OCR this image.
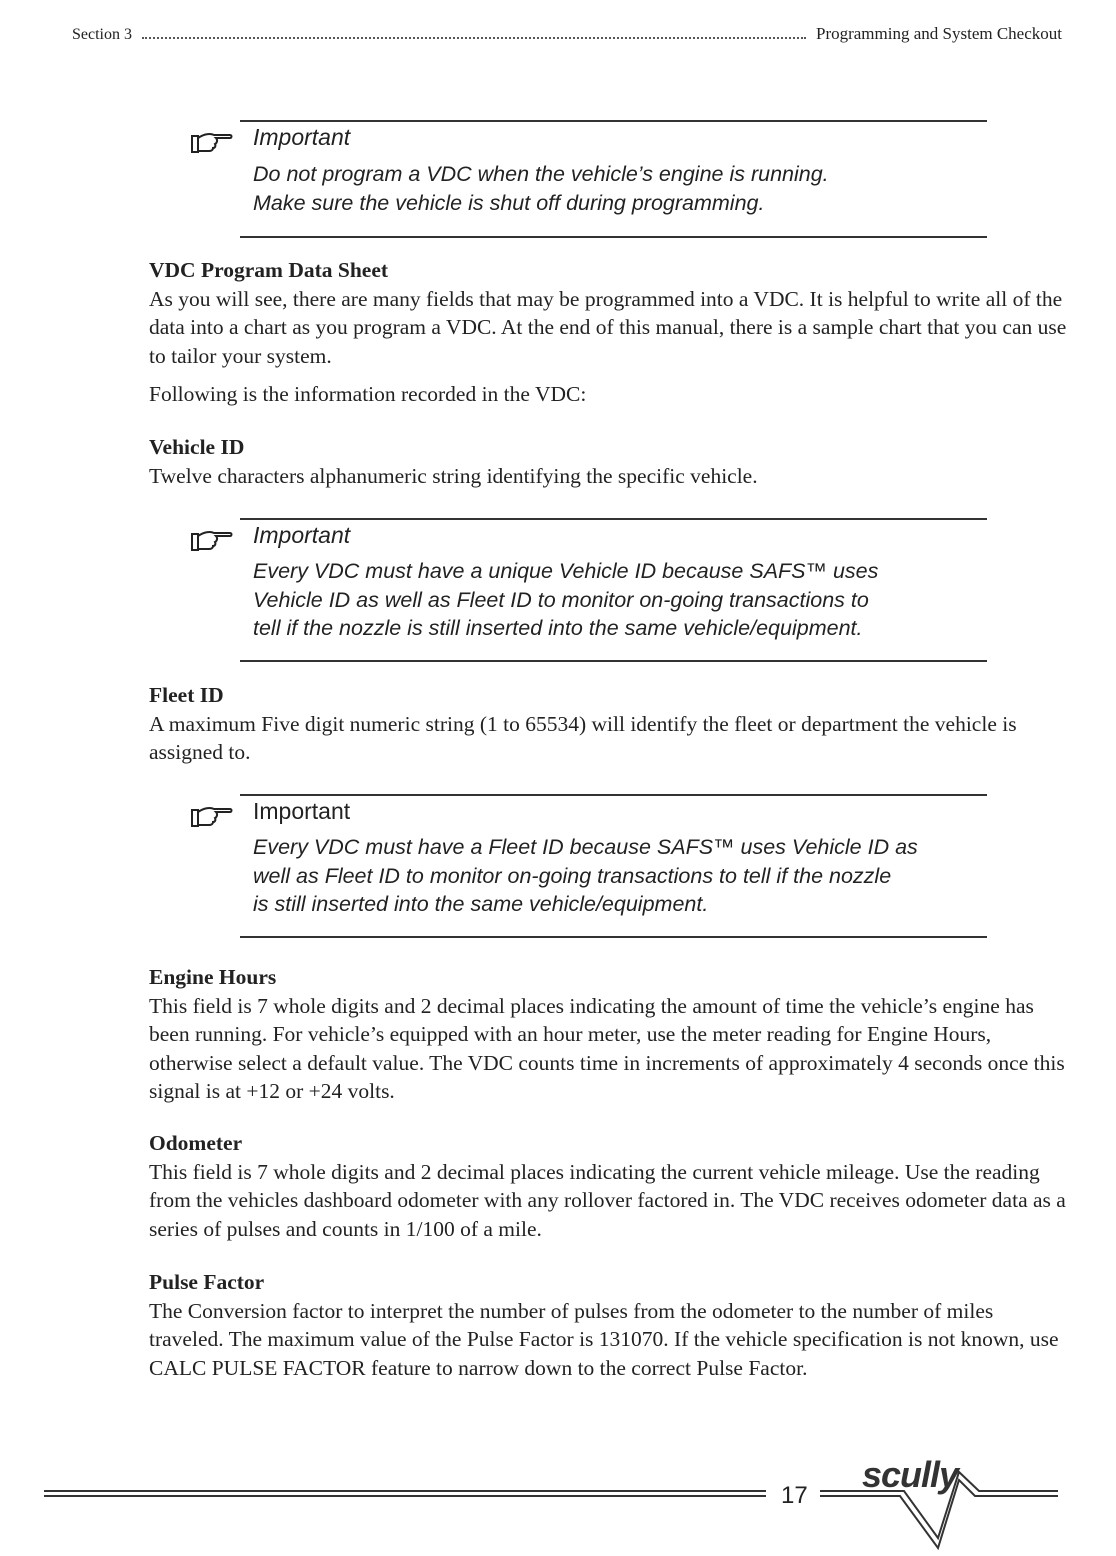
Section 3	Programming and System Checkout
Important
Do not program a VDC when the vehicle’s engine is running.
Make sure the vehicle is shut off during programming.
VDC Program Data Sheet

As you will see, there are many fields that may be programmed into a VDC. It is helpful to write all of the data into a chart as you program a VDC. At the end of this manual, there is a sample chart that you can use to tailor your system.

Following is the information recorded in the VDC:

Vehicle ID

Twelve characters alphanumeric string identifying the specific vehicle.

Important
Every VDC must have a unique Vehicle ID because SAFS™ uses
Vehicle ID as well as Fleet ID to monitor on-going transactions to
tell if the nozzle is still inserted into the same vehicle/equipment.
Fleet ID

A maximum Five digit numeric string (1 to 65534) will identify the fleet or department the vehicle is assigned to.

Important
Every VDC must have a Fleet ID because SAFS™ uses Vehicle ID as
well as Fleet ID to monitor on-going transactions to tell if the nozzle
is still inserted into the same vehicle/equipment.
Engine Hours

This field is 7 whole digits and 2 decimal places indicating the amount of time the vehicle’s engine has been running. For vehicle’s equipped with an hour meter, use the meter reading for Engine Hours, otherwise select a default value. The VDC counts time in increments of approximately 4 seconds once this signal is at +12 or +24 volts.

Odometer

This field is 7 whole digits and 2 decimal places indicating the current vehicle mileage. Use the reading from the vehicles dashboard odometer with any rollover factored in. The VDC receives odometer data as a series of pulses and counts in 1/100 of a mile.

Pulse Factor

The Conversion factor to interpret the number of pulses from the odometer to the number of miles traveled. The maximum value of the Pulse Factor is 131070. If the vehicle specification is not known, use CALC PULSE FACTOR feature to narrow down to the correct Pulse Factor.

17
scully
